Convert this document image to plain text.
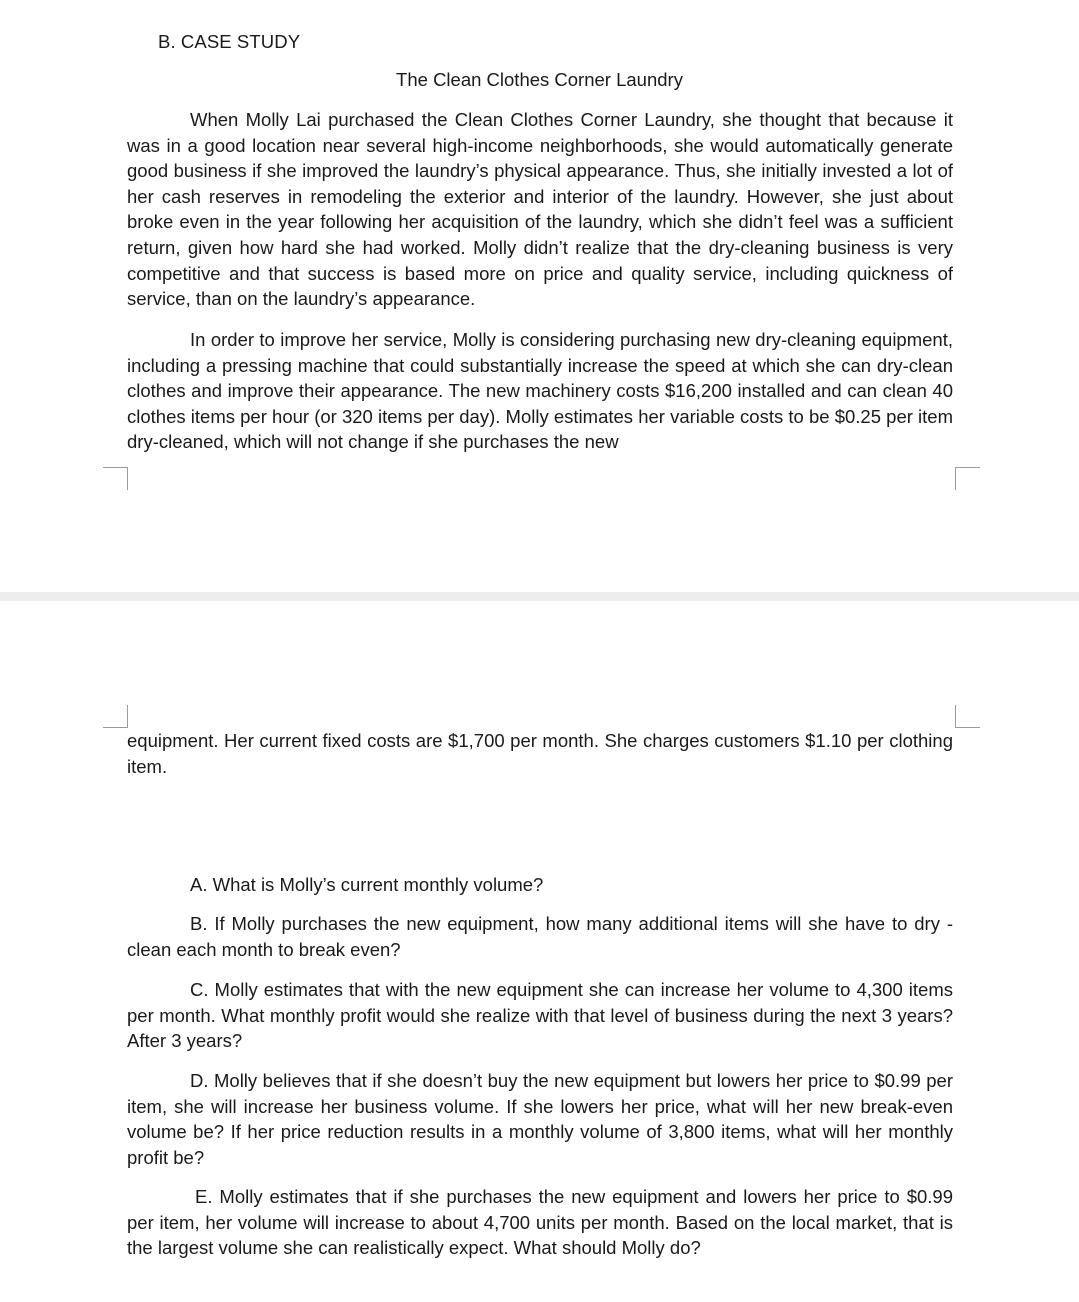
B. CASE STUDY
The Clean Clothes Corner Laundry

When Molly Lai purchased the Clean Clothes Corner Laundry, she thought that because it was in a good location near several high-income neighborhoods, she would automatically generate good business if she improved the laundry’s physical appearance. Thus, she initially invested a lot of her cash reserves in remodeling the exterior and interior of the laundry. However, she just about broke even in the year following her acquisition of the laundry, which she didn’t feel was a sufficient return, given how hard she had worked. Molly didn’t realize that the dry-cleaning business is very competitive and that success is based more on price and quality service, including quickness of service, than on the laundry’s appearance.

In order to improve her service, Molly is considering purchasing new dry-cleaning equipment, including a pressing machine that could substantially increase the speed at which she can dry-clean clothes and improve their appearance. The new machinery costs $16,200 installed and can clean 40 clothes items per hour (or 320 items per day). Molly estimates her variable costs to be $0.25 per item dry-cleaned, which will not change if she purchases the new

equipment. Her current fixed costs are $1,700 per month. She charges customers $1.10 per clothing item.

A. What is Molly’s current monthly volume?

B. If Molly purchases the new equipment, how many additional items will she have to dry -clean each month to break even?

C. Molly estimates that with the new equipment she can increase her volume to 4,300 items per month. What monthly profit would she realize with that level of business during the next 3 years? After 3 years?

D. Molly believes that if she doesn’t buy the new equipment but lowers her price to $0.99 per item, she will increase her business volume. If she lowers her price, what will her new break-even volume be? If her price reduction results in a monthly volume of 3,800 items, what will her monthly profit be?

E. Molly estimates that if she purchases the new equipment and lowers her price to $0.99 per item, her volume will increase to about 4,700 units per month. Based on the local market, that is the largest volume she can realistically expect. What should Molly do?
